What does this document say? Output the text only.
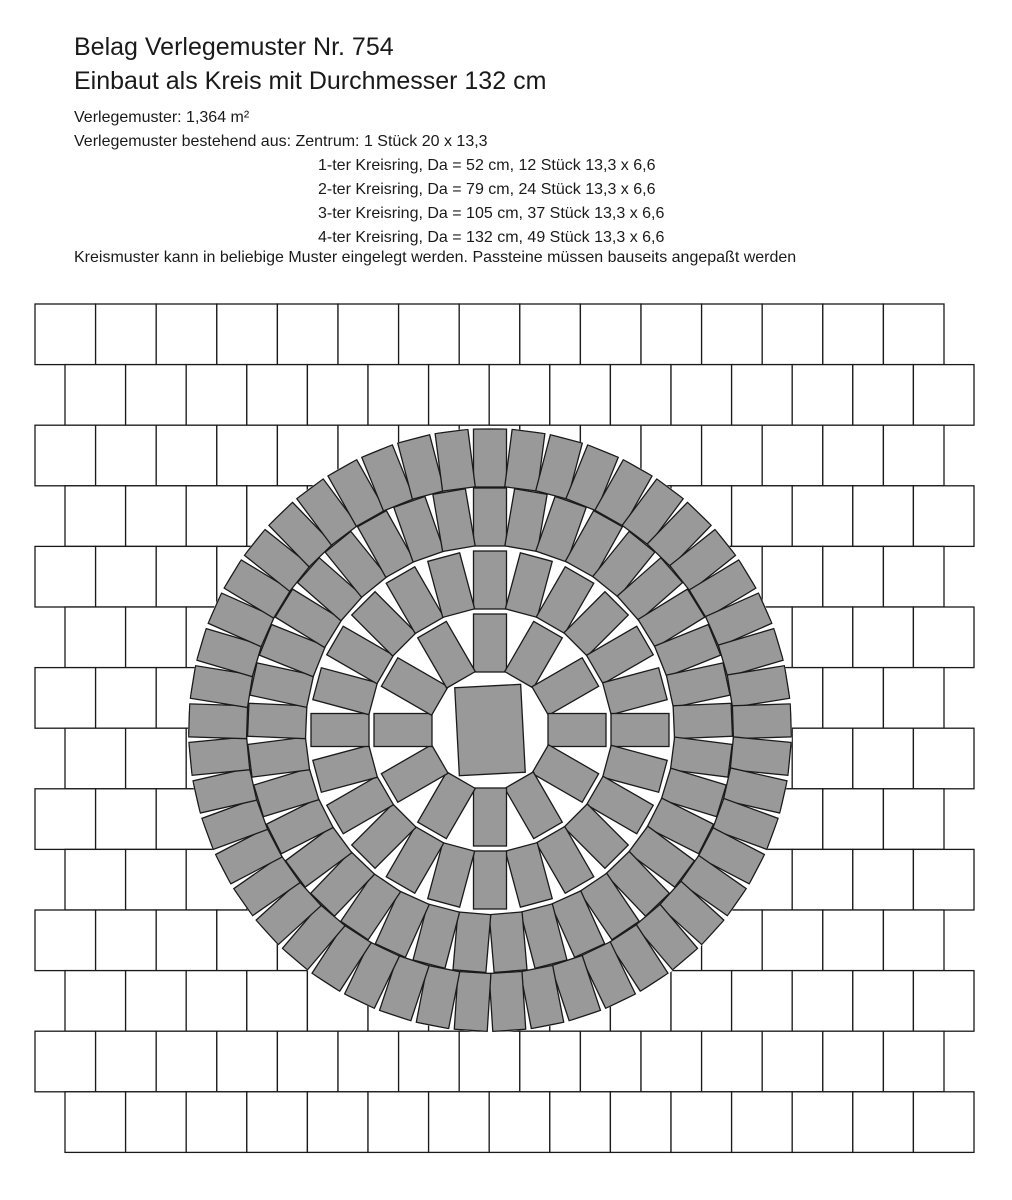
Belag Verlegemuster Nr. 754
Einbaut als Kreis mit Durchmesser 132 cm
Verlegemuster: 1,364 m²
Verlegemuster bestehend aus: Zentrum: 1 Stück 20 x 13,3
1-ter Kreisring, Da = 52 cm, 12 Stück 13,3 x 6,6
2-ter Kreisring, Da = 79 cm, 24 Stück 13,3 x 6,6
3-ter Kreisring, Da = 105 cm, 37 Stück 13,3 x 6,6
4-ter Kreisring, Da = 132 cm, 49 Stück 13,3 x 6,6
Kreismuster kann in beliebige Muster eingelegt werden. Passteine müssen bauseits angepaßt werden
